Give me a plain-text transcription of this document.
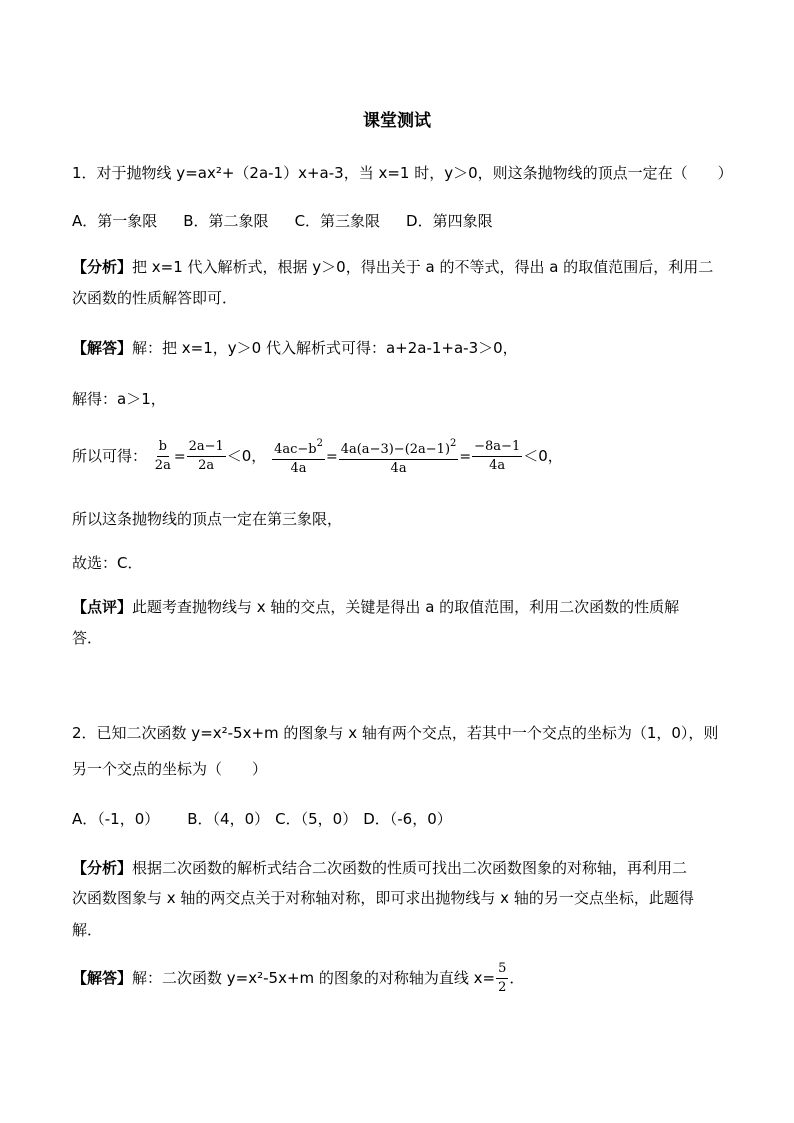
课堂测试
1．对于抛物线 y=ax²+（2a-1）x+a-3，当 x=1 时，y＞0，则这条抛物线的顶点一定在（　　）
A．第一象限 B．第二象限 C．第三象限 D．第四象限
【分析】把 x=1 代入解析式，根据 y＞0，得出关于 a 的不等式，得出 a 的取值范围后，利用二
次函数的性质解答即可．
【解答】解：把 x=1，y＞0 代入解析式可得：a+2a-1+a-3＞0，
解得：a＞1，
所以可得： $\frac{b}{2a} = \frac{2a-1}{2a} <0$， $\frac{4ac-b^2}{4a} = \frac{4a(a-3)-(2a-1)^2}{4a} = \frac{-8a-1}{4a} <0$，
所以这条抛物线的顶点一定在第三象限，
故选：C．
【点评】此题考查抛物线与 x 轴的交点，关键是得出 a 的取值范围，利用二次函数的性质解
答．
2．已知二次函数 y=x²-5x+m 的图象与 x 轴有两个交点，若其中一个交点的坐标为（1，0），则
另一个交点的坐标为（　　）
A．（-1，0） B．（4，0） C．（5，0） D．（-6，0）
【分析】根据二次函数的解析式结合二次函数的性质可找出二次函数图象的对称轴，再利用二
次函数图象与 x 轴的两交点关于对称轴对称，即可求出抛物线与 x 轴的另一交点坐标，此题得
解．
【解答】解：二次函数 y=x²-5x+m 的图象的对称轴为直线 $x= \frac{5}{2}$ ．
